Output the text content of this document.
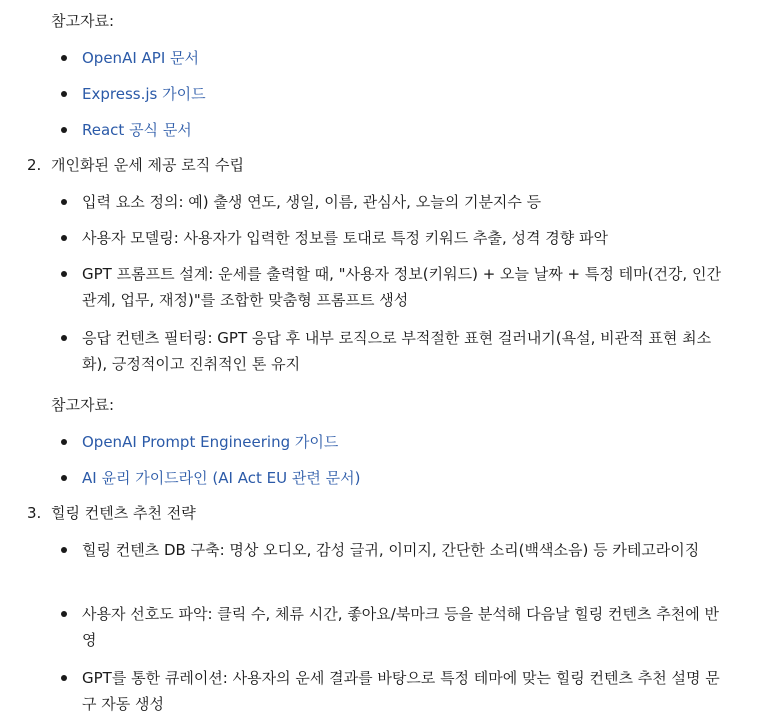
참고자료:
OpenAI API 문서
Express.js 가이드
React 공식 문서
2. 개인화된 운세 제공 로직 수립
입력 요소 정의: 예) 출생 연도, 생일, 이름, 관심사, 오늘의 기분지수 등
사용자 모델링: 사용자가 입력한 정보를 토대로 특정 키워드 추출, 성격 경향 파악
GPT 프롬프트 설계: 운세를 출력할 때, "사용자 정보(키워드) + 오늘 날짜 + 특정 테마(건강, 인간관계, 업무, 재정)"를 조합한 맞춤형 프롬프트 생성
응답 컨텐츠 필터링: GPT 응답 후 내부 로직으로 부적절한 표현 걸러내기(욕설, 비관적 표현 최소화), 긍정적이고 진취적인 톤 유지
참고자료:
OpenAI Prompt Engineering 가이드
AI 윤리 가이드라인 (AI Act EU 관련 문서)
3. 힐링 컨텐츠 추천 전략
힐링 컨텐츠 DB 구축: 명상 오디오, 감성 글귀, 이미지, 간단한 소리(백색소음) 등 카테고라이징
사용자 선호도 파악: 클릭 수, 체류 시간, 좋아요/북마크 등을 분석해 다음날 힐링 컨텐츠 추천에 반영
GPT를 통한 큐레이션: 사용자의 운세 결과를 바탕으로 특정 테마에 맞는 힐링 컨텐츠 추천 설명 문구 자동 생성
